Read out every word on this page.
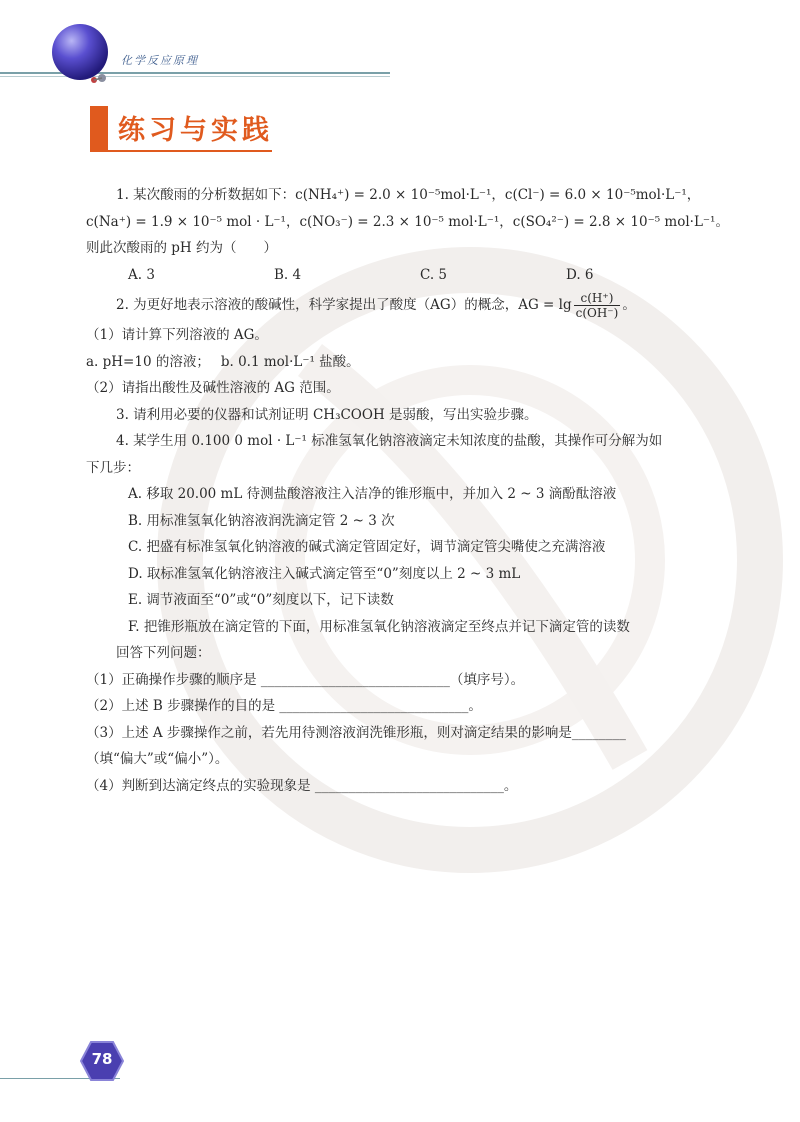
化学反应原理
练习与实践

1. 某次酸雨的分析数据如下：c(NH₄⁺) = 2.0 × 10⁻⁵mol·L⁻¹，c(Cl⁻) = 6.0 × 10⁻⁵mol·L⁻¹，

c(Na⁺) = 1.9 × 10⁻⁵ mol · L⁻¹，c(NO₃⁻) = 2.3 × 10⁻⁵ mol·L⁻¹，c(SO₄²⁻) = 2.8 × 10⁻⁵ mol·L⁻¹。

则此次酸雨的 pH 约为（　　）

A. 3	B. 4	C. 5	D. 6

2. 为更好地表示溶液的酸碱性，科学家提出了酸度（AG）的概念，AG = $\lg \frac{c(H^+)}{c(OH^-)}$ 。

（1）请计算下列溶液的 AG。

a. pH=10 的溶液；　 b. 0.1 mol·L⁻¹ 盐酸。

（2）请指出酸性及碱性溶液的 AG 范围。

3. 请利用必要的仪器和试剂证明 CH₃COOH 是弱酸，写出实验步骤。

4. 某学生用 0.100 0 mol · L⁻¹ 标准氢氧化钠溶液滴定未知浓度的盐酸，其操作可分解为如

下几步：

A. 移取 20.00 mL 待测盐酸溶液注入洁净的锥形瓶中，并加入 2 ~ 3 滴酚酞溶液

B. 用标准氢氧化钠溶液润洗滴定管 2 ~ 3 次

C. 把盛有标准氢氧化钠溶液的碱式滴定管固定好，调节滴定管尖嘴使之充满溶液

D. 取标准氢氧化钠溶液注入碱式滴定管至“0”刻度以上 2 ~ 3 mL

E. 调节液面至“0”或“0”刻度以下，记下读数

F. 把锥形瓶放在滴定管的下面，用标准氢氧化钠溶液滴定至终点并记下滴定管的读数

回答下列问题：

（1）正确操作步骤的顺序是 ____________________________（填序号）。

（2）上述 B 步骤操作的目的是 ____________________________。

（3）上述 A 步骤操作之前，若先用待测溶液润洗锥形瓶，则对滴定结果的影响是________

（填“偏大”或“偏小”）。

（4）判断到达滴定终点的实验现象是 ____________________________。

78
